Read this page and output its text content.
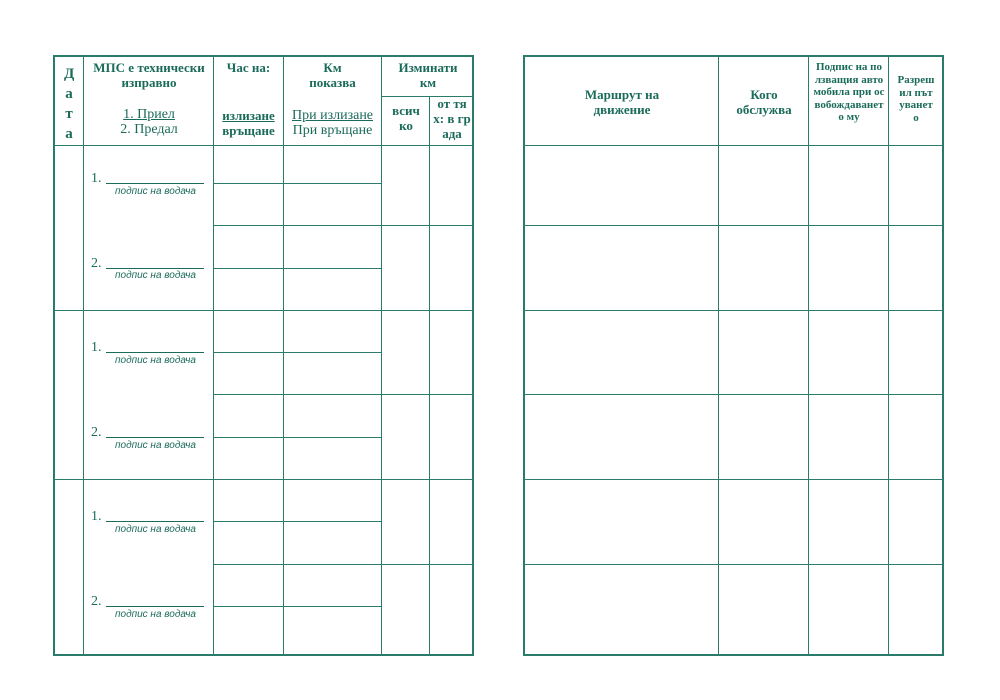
Дата
МПС е технически изправно
1. Приел
2. Предал
Час на:
излизане
връщане
Км показва
При излизане
При връщане
Изминати км
всичко
от тях: в града
1.
подпис на водача
2.
подпис на водача
1.
подпис на водача
2.
подпис на водача
1.
подпис на водача
2.
подпис на водача
Маршрут на движение
Кого обслужва
Подпис на ползващия автомобила при освобождаването му
Разрешил пътуването
